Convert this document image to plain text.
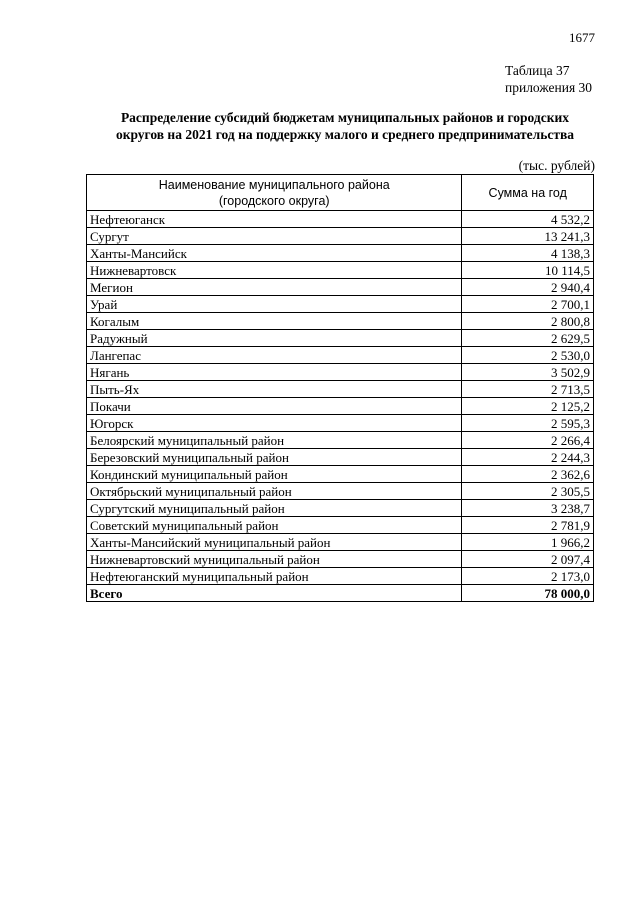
1677
Таблица 37
приложения 30
Распределение субсидий бюджетам муниципальных районов и городских
округов на 2021 год на поддержку малого и среднего предпринимательства
(тыс. рублей)
Наименование муниципального района
(городского округа)	Сумма на год
Нефтеюганск	4 532,2
Сургут	13 241,3
Ханты-Мансийск	4 138,3
Нижневартовск	10 114,5
Мегион	2 940,4
Урай	2 700,1
Когалым	2 800,8
Радужный	2 629,5
Лангепас	2 530,0
Нягань	3 502,9
Пыть-Ях	2 713,5
Покачи	2 125,2
Югорск	2 595,3
Белоярский муниципальный район	2 266,4
Березовский муниципальный район	2 244,3
Кондинский муниципальный район	2 362,6
Октябрьский муниципальный район	2 305,5
Сургутский муниципальный район	3 238,7
Советский муниципальный район	2 781,9
Ханты-Мансийский муниципальный район	1 966,2
Нижневартовский муниципальный район	2 097,4
Нефтеюганский муниципальный район	2 173,0
Всего	78 000,0
